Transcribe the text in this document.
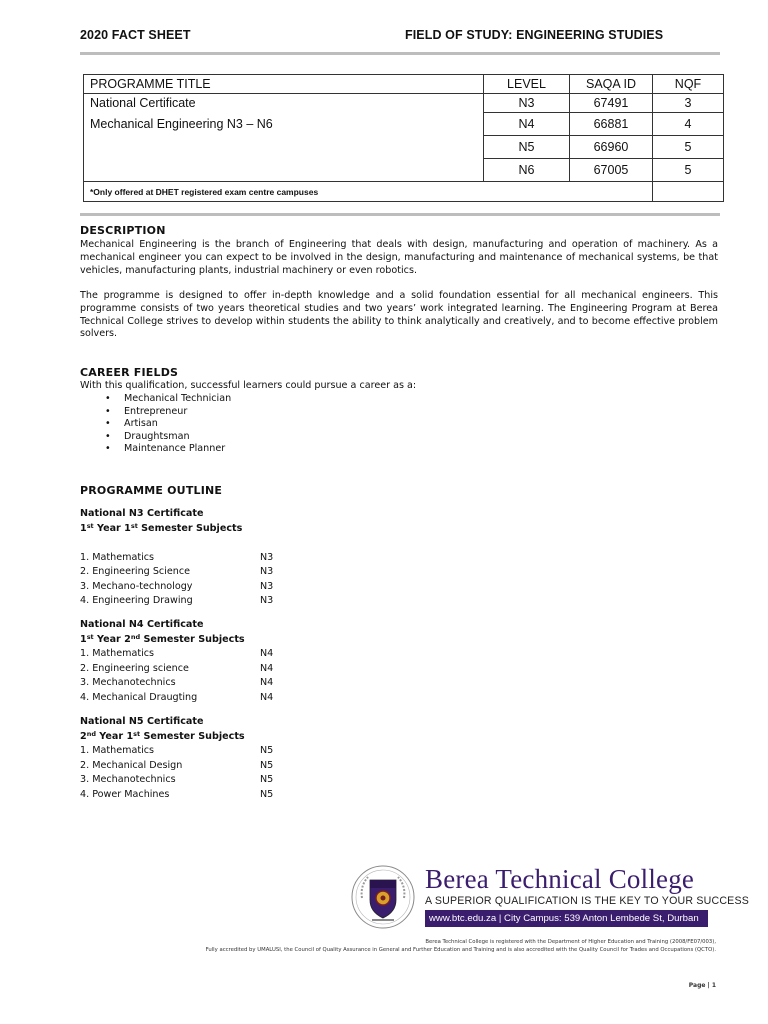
2020 FACT SHEET	FIELD OF STUDY: ENGINEERING STUDIES
PROGRAMME TITLE	LEVEL	SAQA ID	NQF
National Certificate	N3	67491	3
Mechanical Engineering N3 – N6	N4	66881	4
	N5	66960	5
	N6	67005	5
*Only offered at DHET registered exam centre campuses			
DESCRIPTION

Mechanical Engineering is the branch of Engineering that deals with design, manufacturing and operation of machinery. As a mechanical engineer you can expect to be involved in the design, manufacturing and maintenance of mechanical systems, be that vehicles, manufacturing plants, industrial machinery or even robotics.

The programme is designed to offer in-depth knowledge and a solid foundation essential for all mechanical engineers. This programme consists of two years theoretical studies and two years’ work integrated learning. The Engineering Program at Berea Technical College strives to develop within students the ability to think analytically and creatively, and to become effective problem solvers.

CAREER FIELDS

With this qualification, successful learners could pursue a career as a:

• Mechanical Technician
• Entrepreneur
• Artisan
• Draughtsman
• Maintenance Planner
PROGRAMME OUTLINE
National N3 Certificate
1st Year 1st Semester Subjects
1. Mathematics	N3
2. Engineering Science	N3
3. Mechano-technology	N3
4. Engineering Drawing	N3
National N4 Certificate
1st Year 2nd Semester Subjects
1. Mathematics	N4
2. Engineering science	N4
3. Mechanotechnics	N4
4. Mechanical Draugting	N4
National N5 Certificate
2nd Year 1st Semester Subjects
1. Mathematics	N5
2. Mechanical Design	N5
3. Mechanotechnics	N5
4. Power Machines	N5
Berea Technical College
A SUPERIOR QUALIFICATION IS THE KEY TO YOUR SUCCESS
www.btc.edu.za | City Campus: 539 Anton Lembede St, Durban
Berea Technical College is registered with the Department of Higher Education and Training (2008/FE07/003),
Fully accredited by UMALUSI, the Council of Quality Assurance in General and Further Education and Training and is also accredited with the Quality Council for Trades and Occupations (QCTO).
Page | 1
